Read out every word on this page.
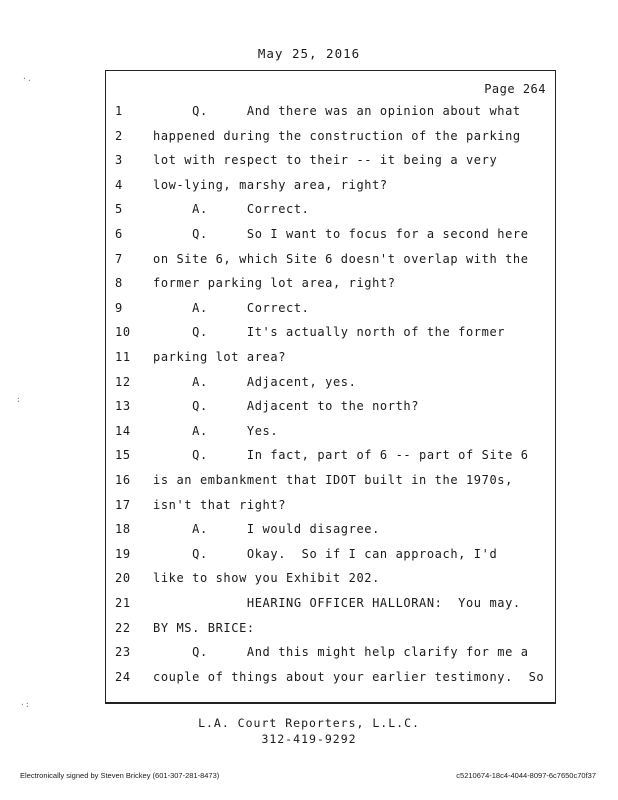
May 25, 2016
Page 264
1	Q.     And there was an opinion about what
2	happened during the construction of the parking
3	lot with respect to their -- it being a very
4	low-lying, marshy area, right?
5	A.     Correct.
6	Q.     So I want to focus for a second here
7	on Site 6, which Site 6 doesn't overlap with the
8	former parking lot area, right?
9	A.     Correct.
10	Q.     It's actually north of the former
11	parking lot area?
12	A.     Adjacent, yes.
13	Q.     Adjacent to the north?
14	A.     Yes.
15	Q.     In fact, part of 6 -- part of Site 6
16	is an embankment that IDOT built in the 1970s,
17	isn't that right?
18	A.     I would disagree.
19	Q.     Okay.  So if I can approach, I'd
20	like to show you Exhibit 202.
21	HEARING OFFICER HALLORAN:  You may.
22	BY MS. BRICE:
23	Q.     And this might help clarify for me a
24	couple of things about your earlier testimony.  So
L.A. Court Reporters, L.L.C.
312-419-9292
Electronically signed by Steven Brickey (601-307-281-8473)	c5210674-18c4-4044-8097-6c7650c70f37
·.
:
·:
